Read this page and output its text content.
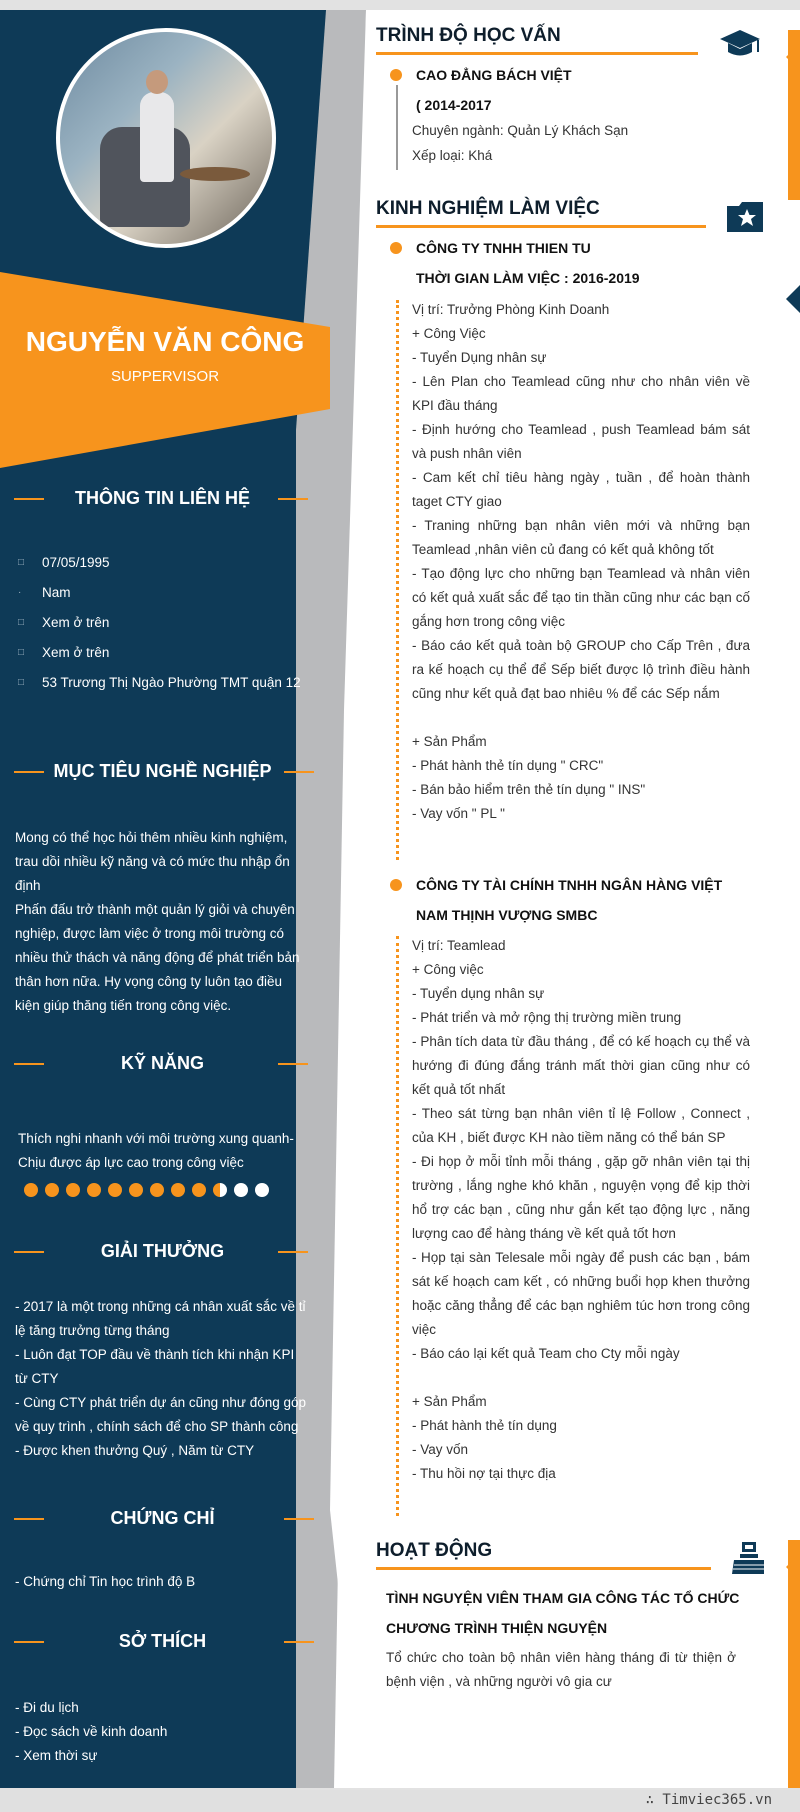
NGUYỄN VĂN CÔNG
SUPPERVISOR
THÔNG TIN LIÊN HỆ
□ 07/05/1995
· Nam
□ Xem ở trên
□ Xem ở trên
□ 53 Trương Thị Ngào Phường TMT quận 12
MỤC TIÊU NGHỀ NGHIỆP
Mong có thể học hỏi thêm nhiều kinh nghiệm, trau dồi nhiều kỹ năng và có mức thu nhập ổn định
Phấn đấu trở thành một quản lý giỏi và chuyên nghiệp, được làm việc ở trong môi trường có nhiều thử thách và năng động để phát triển bản thân hơn nữa. Hy vọng công ty luôn tạo điều kiện giúp thăng tiến trong công việc.
KỸ NĂNG
Thích nghi nhanh với môi trường xung quanh- Chịu được áp lực cao trong công việc
GIẢI THƯỞNG
- 2017 là một trong những cá nhân xuất sắc về tỉ lệ tăng trưởng từng tháng
- Luôn đạt TOP đầu về thành tích khi nhận KPI từ CTY
- Cùng CTY phát triển dự án cũng như đóng góp về quy trình , chính sách để cho SP thành công
- Được khen thưởng Quý , Năm từ CTY
CHỨNG CHỈ
- Chứng chỉ Tin học trình độ B
SỞ THÍCH
- Đi du lịch
- Đọc sách về kinh doanh
- Xem thời sự
TRÌNH ĐỘ HỌC VẤN
CAO ĐẲNG BÁCH VIỆT
( 2014-2017
Chuyên ngành: Quản Lý Khách Sạn
Xếp loại: Khá
KINH NGHIỆM LÀM VIỆC
CÔNG TY TNHH THIEN TU
THỜI GIAN LÀM VIỆC : 2016-2019
Vị trí: Trưởng Phòng Kinh Doanh
+ Công Việc
- Tuyển Dụng nhân sự
- Lên Plan cho Teamlead cũng như cho nhân viên về KPI đầu tháng
- Định hướng cho Teamlead , push Teamlead bám sát và push nhân viên
- Cam kết chỉ tiêu hàng ngày , tuần , để hoàn thành taget CTY giao
- Traning những bạn nhân viên mới và những bạn Teamlead ,nhân viên củ đang có kết quả không tốt
- Tạo động lực cho những bạn Teamlead và nhân viên có kết quả xuất sắc để tạo tin thần cũng như các bạn cố gắng hơn trong công việc
- Báo cáo kết quả toàn bộ GROUP cho Cấp Trên , đưa ra kế hoạch cụ thể để Sếp biết được lộ trình điều hành cũng như kết quả đạt bao nhiêu % để các Sếp nắm

+ Sản Phẩm
- Phát hành thẻ tín dụng " CRC"
- Bán bảo hiểm trên thẻ tín dụng " INS"
- Vay vốn " PL "
CÔNG TY TÀI CHÍNH TNHH NGÂN HÀNG VIỆT NAM THỊNH VƯỢNG SMBC
Vị trí: Teamlead
+ Công việc
- Tuyển dụng nhân sự
- Phát triển và mở rộng thị trường miền trung
- Phân tích data từ đầu tháng , để có kế hoạch cụ thể và hướng đi đúng đắng tránh mất thời gian cũng như có kết quả tốt nhất
- Theo sát từng bạn nhân viên tỉ lệ Follow , Connect , của KH , biết được KH nào tiềm năng có thể bán SP
- Đi họp ở mỗi tỉnh mỗi tháng , gặp gỡ nhân viên tại thị trường , lắng nghe khó khăn , nguyện vọng để kịp thời hổ trợ các bạn , cũng như gắn kết tạo động lực , năng lượng cao để hàng tháng về kết quả tốt hơn
- Họp tại sàn Telesale mỗi ngày để push các bạn , bám sát kế hoạch cam kết , có những buổi họp khen thưởng hoặc căng thẳng để các bạn nghiêm túc hơn trong công việc
- Báo cáo lại kết quả Team cho Cty mỗi ngày

+ Sản Phẩm
- Phát hành thẻ tín dụng
- Vay vốn
- Thu hồi nợ tại thực địa
HOẠT ĐỘNG
TÌNH NGUYỆN VIÊN THAM GIA CÔNG TÁC TỔ CHỨC CHƯƠNG TRÌNH THIỆN NGUYỆN
Tổ chức cho toàn bộ nhân viên hàng tháng đi từ thiện ở bệnh viện , và những người vô gia cư
∴ Timviec365.vn
